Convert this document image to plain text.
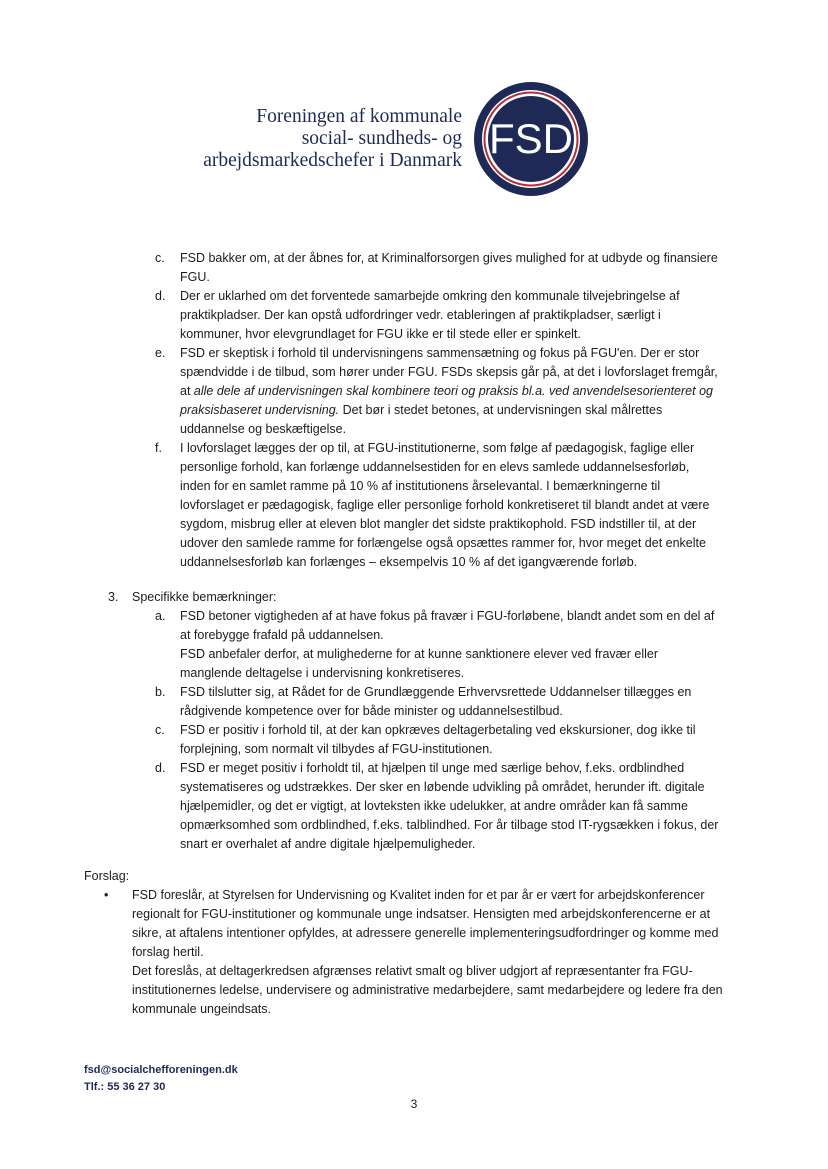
Foreningen af kommunale
social- sundheds- og
arbejdsmarkedschefer i Danmark FSD
c. FSD bakker om, at der åbnes for, at Kriminalforsorgen gives mulighed for at udbyde og finansiere FGU.

d. Der er uklarhed om det forventede samarbejde omkring den kommunale tilvejebringelse af praktikpladser. Der kan opstå udfordringer vedr. etableringen af praktikpladser, særligt i kommuner, hvor elevgrundlaget for FGU ikke er til stede eller er spinkelt.

e. FSD er skeptisk i forhold til undervisningens sammensætning og fokus på FGU'en. Der er stor spændvidde i de tilbud, som hører under FGU. FSDs skepsis går på, at det i lovforslaget fremgår, at alle dele af undervisningen skal kombinere teori og praksis bl.a. ved anvendelsesorienteret og praksisbaseret undervisning. Det bør i stedet betones, at undervisningen skal målrettes uddannelse og beskæftigelse.

f. I lovforslaget lægges der op til, at FGU-institutionerne, som følge af pædagogisk, faglige eller personlige forhold, kan forlænge uddannelsestiden for en elevs samlede uddannelsesforløb, inden for en samlet ramme på 10 % af institutionens årselevantal. I bemærkningerne til lovforslaget er pædagogisk, faglige eller personlige forhold konkretiseret til blandt andet at være sygdom, misbrug eller at eleven blot mangler det sidste praktikophold. FSD indstiller til, at der udover den samlede ramme for forlængelse også opsættes rammer for, hvor meget det enkelte uddannelsesforløb kan forlænges – eksempelvis 10 % af det igangværende forløb.

3. Specifikke bemærkninger:
a. FSD betoner vigtigheden af at have fokus på fravær i FGU-forløbene, blandt andet som en del af at forebygge frafald på uddannelsen.

FSD anbefaler derfor, at mulighederne for at kunne sanktionere elever ved fravær eller manglende deltagelse i undervisning konkretiseres.

b. FSD tilslutter sig, at Rådet for de Grundlæggende Erhvervsrettede Uddannelser tillægges en rådgivende kompetence over for både minister og uddannelsestilbud.

c. FSD er positiv i forhold til, at der kan opkræves deltagerbetaling ved ekskursioner, dog ikke til forplejning, som normalt vil tilbydes af FGU-institutionen.

d. FSD er meget positiv i forholdt til, at hjælpen til unge med særlige behov, f.eks. ordblindhed systematiseres og udstrækkes. Der sker en løbende udvikling på området, herunder ift. digitale hjælpemidler, og det er vigtigt, at lovteksten ikke udelukker, at andre områder kan få samme opmærksomhed som ordblindhed, f.eks. talblindhed. For år tilbage stod IT-rygsækken i fokus, der snart er overhalet af andre digitale hjælpemuligheder.

Forslag:
• FSD foreslår, at Styrelsen for Undervisning og Kvalitet inden for et par år er vært for arbejdskonferencer regionalt for FGU-institutioner og kommunale unge indsatser. Hensigten med arbejdskonferencerne er at sikre, at aftalens intentioner opfyldes, at adressere generelle implementeringsudfordringer og komme med forslag hertil.

Det foreslås, at deltagerkredsen afgrænses relativt smalt og bliver udgjort af repræsentanter fra FGU-institutionernes ledelse, undervisere og administrative medarbejdere, samt medarbejdere og ledere fra den kommunale ungeindsats.

fsd@socialchefforeningen.dk
Tlf.: 55 36 27 30
3
